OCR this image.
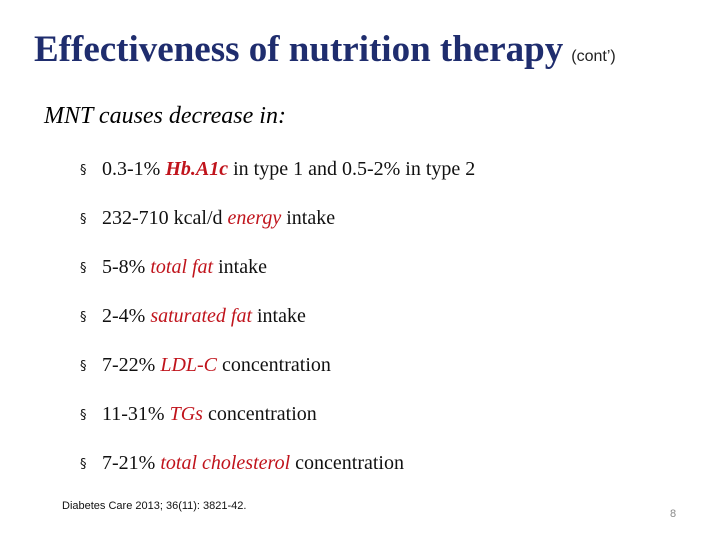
Effectiveness of nutrition therapy (cont’)
MNT causes decrease in:
§ 0.3-1% Hb.A1c in type 1 and 0.5-2% in type 2
§ 232-710 kcal/d energy intake
§ 5-8% total fat intake
§ 2-4% saturated fat intake
§ 7-22% LDL-C concentration
§ 11-31% TGs concentration
§ 7-21% total cholesterol concentration
Diabetes Care 2013; 36(11): 3821-42.
8
